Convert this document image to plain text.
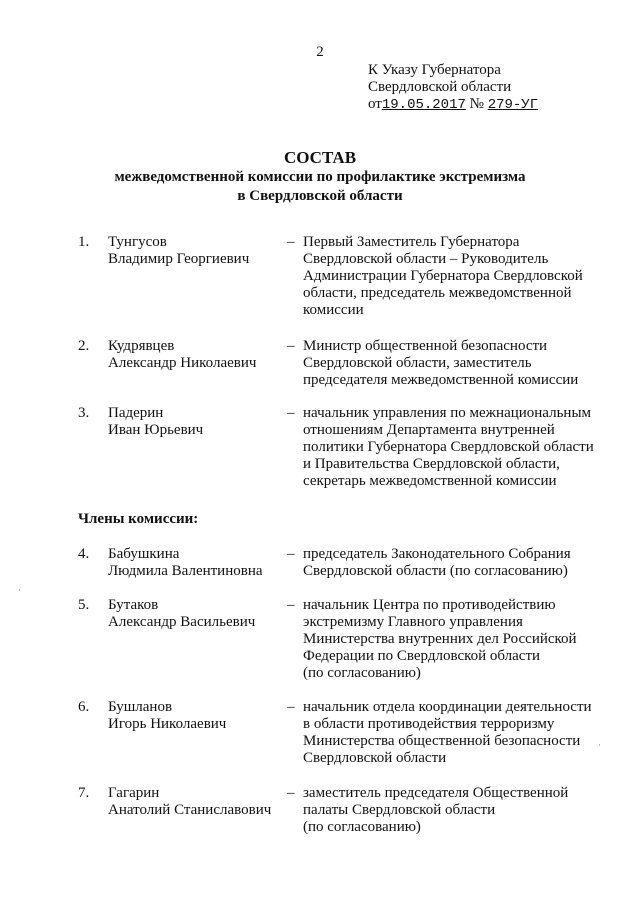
2
К Указу Губернатора
Свердловской области
от19.05.2017 № 279-УГ
СОСТАВ
межведомственной комиссии по профилактике экстремизма
в Свердловской области
1. Тунгусов
Владимир Георгиевич
– Первый Заместитель Губернатора
Свердловской области – Руководитель
Администрации Губернатора Свердловской
области, председатель межведомственной
комиссии
2. Кудрявцев
Александр Николаевич
– Министр общественной безопасности
Свердловской области, заместитель
председателя межведомственной комиссии
3. Падерин
Иван Юрьевич
– начальник управления по межнациональным
отношениям Департамента внутренней
политики Губернатора Свердловской области
и Правительства Свердловской области,
секретарь межведомственной комиссии
Члены комиссии:
4. Бабушкина
Людмила Валентиновна
– председатель Законодательного Собрания
Свердловской области (по согласованию)
5. Бутаков
Александр Васильевич
– начальник Центра по противодействию
экстремизму Главного управления
Министерства внутренних дел Российской
Федерации по Свердловской области
(по согласованию)
6. Бушланов
Игорь Николаевич
– начальник отдела координации деятельности
в области противодействия терроризму
Министерства общественной безопасности
Свердловской области
7. Гагарин
Анатолий Станиславович
– заместитель председателя Общественной
палаты Свердловской области
(по согласованию)
·
·
